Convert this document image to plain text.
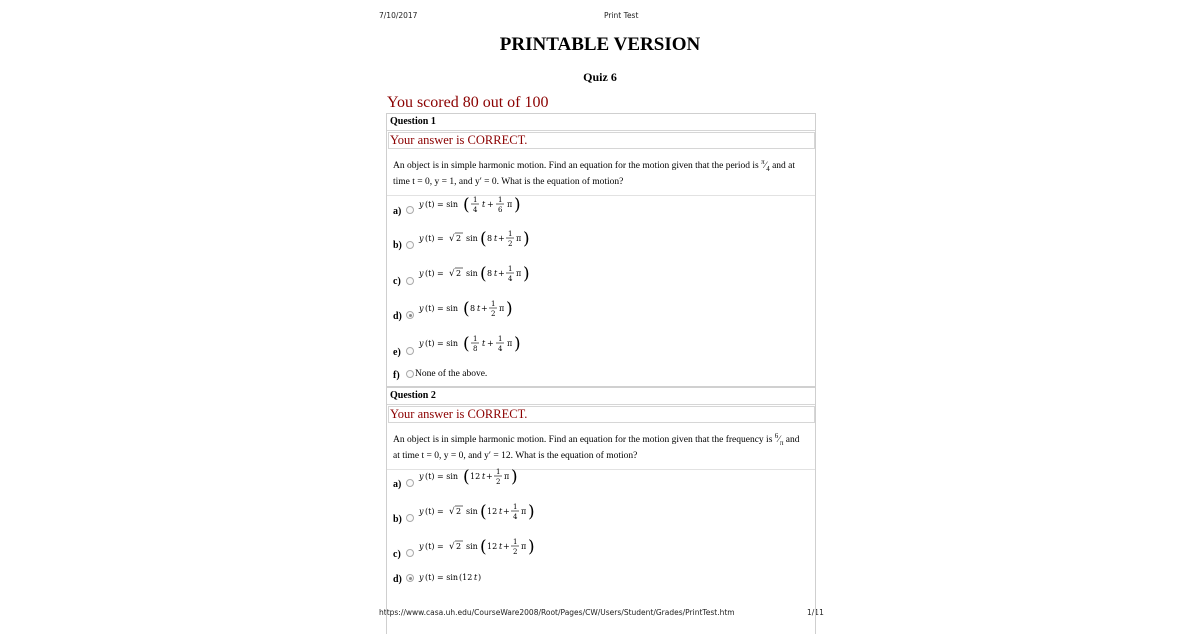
7/10/2017	Print Test
https://www.casa.uh.edu/CourseWare2008/Root/Pages/CW/Users/Student/Grades/PrintTest.htm	1/11
PRINTABLE VERSION
Quiz 6
You scored 80 out of 100
Question 1
Your answer is CORRECT.
An object is in simple harmonic motion. Find an equation for the motion given that the period is $^\pi⁄_4$ and at
time t = 0, y = 1, and y′ = 0. What is the equation of motion?
a)
y (t) = sin ( 1
4
t + 1
6
π )
b)
y (t) = √ 2 sin ( 8 t + 1
2
π )
c)
y (t) = √ 2 sin ( 8 t + 1
4
π )
d)
y (t) = sin ( 8 t + 1
2
π )
e)
y (t) = sin ( 1
8
t + 1
4
π )
f) None of the above.
Question 2
Your answer is CORRECT.
An object is in simple harmonic motion. Find an equation for the motion given that the frequency is $^6⁄_\pi$ and
at time t = 0, y = 0, and y′ = 12. What is the equation of motion?
a)
y (t) = sin ( 12 t + 1
2
π )
b)
y (t) = √ 2 sin ( 12 t + 1
4
π )
c)
y (t) = √ 2 sin ( 12 t + 1
2
π )
d) y (t) = sin (12 t )
